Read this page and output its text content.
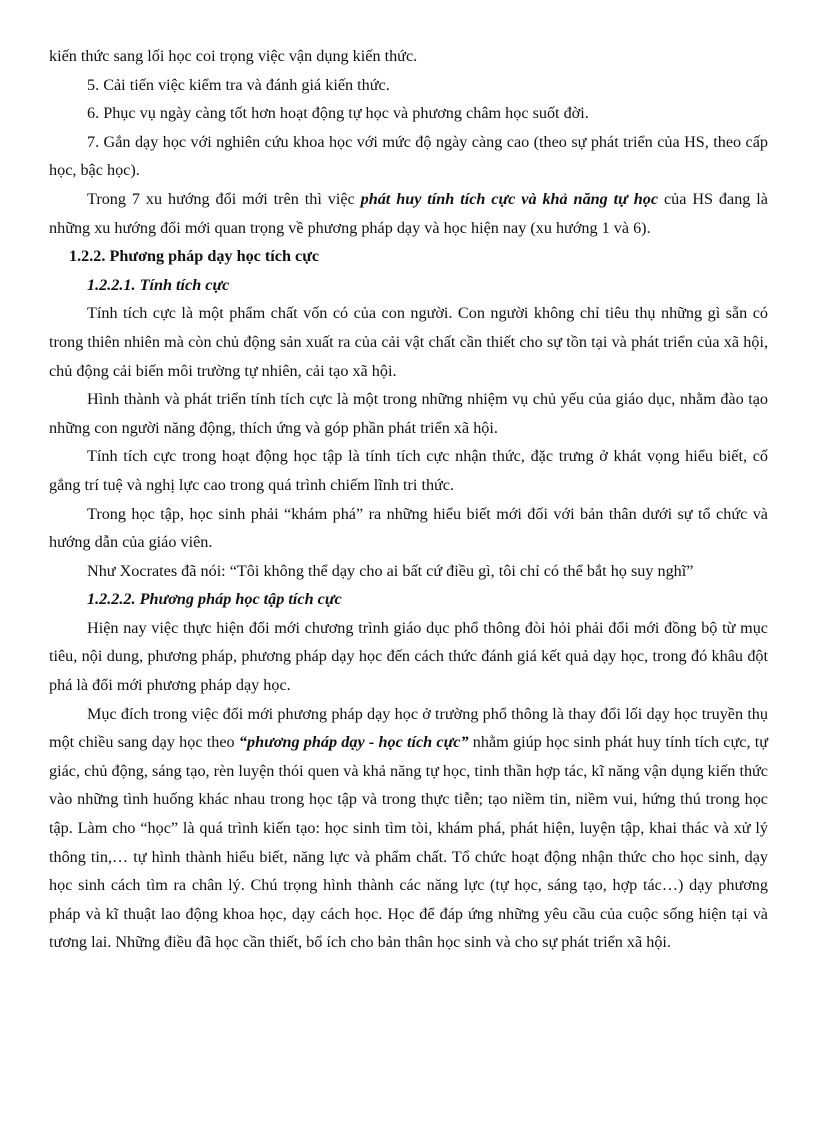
kiến thức sang lối học coi trọng việc vận dụng kiến thức.

5. Cải tiến việc kiểm tra và đánh giá kiến thức.

6. Phục vụ ngày càng tốt hơn hoạt động tự học và phương châm học suốt đời.

7. Gắn dạy học với nghiên cứu khoa học với mức độ ngày càng cao (theo sự phát triển của HS, theo cấp học, bậc học).

Trong 7 xu hướng đổi mới trên thì việc phát huy tính tích cực và khả năng tự học của HS đang là những xu hướng đổi mới quan trọng về phương pháp dạy và học hiện nay (xu hướng 1 và 6).

1.2.2. Phương pháp dạy học tích cực

1.2.2.1. Tính tích cực

Tính tích cực là một phẩm chất vốn có của con người. Con người không chỉ tiêu thụ những gì sẵn có trong thiên nhiên mà còn chủ động sản xuất ra của cải vật chất cần thiết cho sự tồn tại và phát triển của xã hội, chủ động cải biến môi trường tự nhiên, cải tạo xã hội.

Hình thành và phát triển tính tích cực là một trong những nhiệm vụ chủ yếu của giáo dục, nhằm đào tạo những con người năng động, thích ứng và góp phần phát triển xã hội.

Tính tích cực trong hoạt động học tập là tính tích cực nhận thức, đặc trưng ở khát vọng hiểu biết, cố gắng trí tuệ và nghị lực cao trong quá trình chiếm lĩnh tri thức.

Trong học tập, học sinh phải “khám phá” ra những hiểu biết mới đối với bản thân dưới sự tổ chức và hướng dẫn của giáo viên.

Như Xocrates đã nói: “Tôi không thể dạy cho ai bất cứ điều gì, tôi chỉ có thể bắt họ suy nghĩ”

1.2.2.2. Phương pháp học tập tích cực

Hiện nay việc thực hiện đổi mới chương trình giáo dục phổ thông đòi hỏi phải đổi mới đồng bộ từ mục tiêu, nội dung, phương pháp, phương pháp dạy học đến cách thức đánh giá kết quả dạy học, trong đó khâu đột phá là đổi mới phương pháp dạy học.

Mục đích trong việc đổi mới phương pháp dạy học ở trường phổ thông là thay đổi lối dạy học truyền thụ một chiều sang dạy học theo “phương pháp dạy - học tích cực” nhằm giúp học sinh phát huy tính tích cực, tự giác, chủ động, sáng tạo, rèn luyện thói quen và khả năng tự học, tinh thần hợp tác, kĩ năng vận dụng kiến thức vào những tình huống khác nhau trong học tập và trong thực tiễn; tạo niềm tin, niềm vui, hứng thú trong học tập. Làm cho “học” là quá trình kiến tạo: học sinh tìm tòi, khám phá, phát hiện, luyện tập, khai thác và xử lý thông tin,… tự hình thành hiểu biết, năng lực và phẩm chất. Tổ chức hoạt động nhận thức cho học sinh, dạy học sinh cách tìm ra chân lý. Chú trọng hình thành các năng lực (tự học, sáng tạo, hợp tác…) dạy phương pháp và kĩ thuật lao động khoa học, dạy cách học. Học để đáp ứng những yêu cầu của cuộc sống hiện tại và tương lai. Những điều đã học cần thiết, bổ ích cho bản thân học sinh và cho sự phát triển xã hội.
